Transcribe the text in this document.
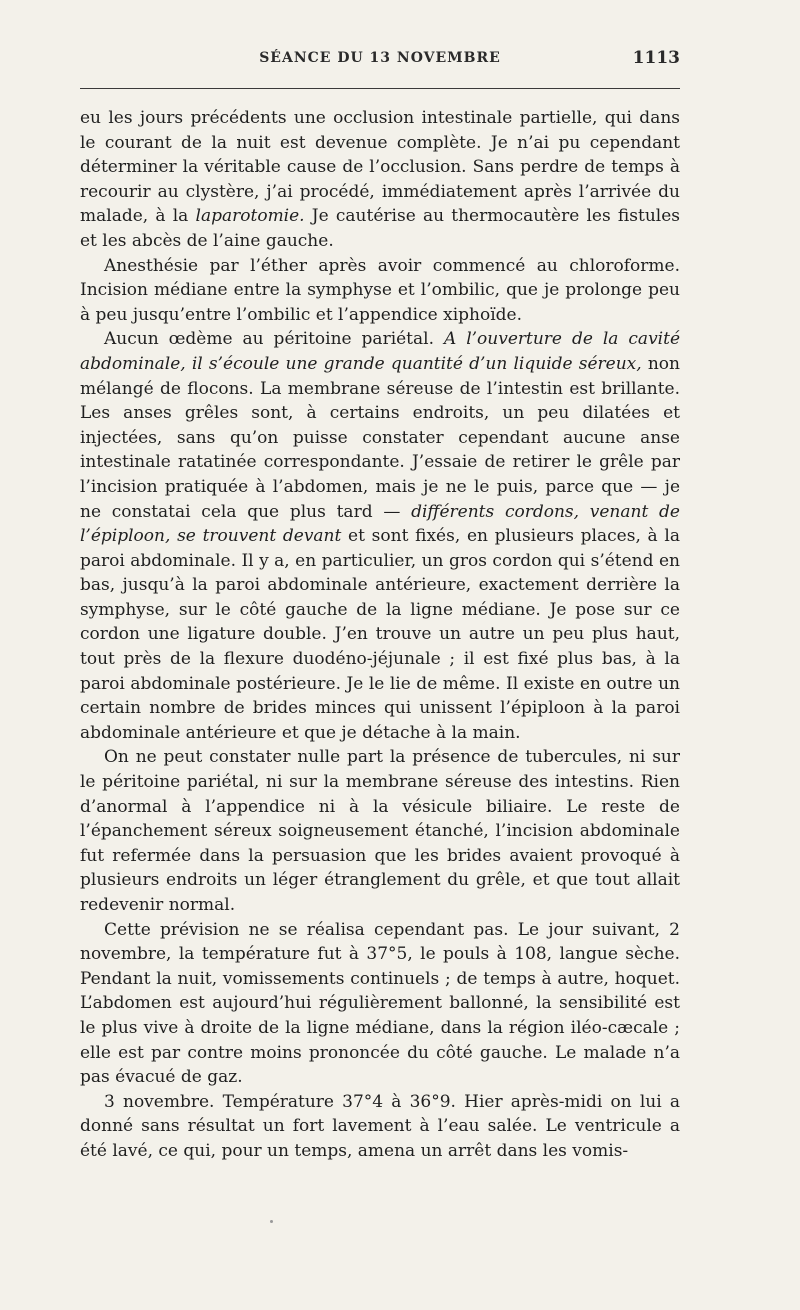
SÉANCE DU 13 NOVEMBRE	1113

eu les jours précédents une occlusion intestinale partielle, qui dans le courant de la nuit est devenue complète. Je n’ai pu cependant déterminer la véritable cause de l’occlusion. Sans perdre de temps à recourir au clystère, j’ai procédé, immédiatement après l’arrivée du malade, à la laparotomie. Je cautérise au thermocautère les fistules et les abcès de l’aine gauche.

Anesthésie par l’éther après avoir commencé au chloroforme. Incision médiane entre la symphyse et l’ombilic, que je prolonge peu à peu jusqu’entre l’ombilic et l’appendice xiphoïde.

Aucun œdème au péritoine pariétal. A l’ouverture de la cavité abdominale, il s’écoule une grande quantité d’un liquide séreux, non mélangé de flocons. La membrane séreuse de l’intestin est brillante. Les anses grêles sont, à certains endroits, un peu dilatées et injectées, sans qu’on puisse constater cependant aucune anse intestinale ratatinée correspondante. J’essaie de retirer le grêle par l’incision pratiquée à l’abdomen, mais je ne le puis, parce que — je ne constatai cela que plus tard — différents cordons, venant de l’épiploon, se trouvent devant et sont fixés, en plusieurs places, à la paroi abdominale. Il y a, en particulier, un gros cordon qui s’étend en bas, jusqu’à la paroi abdominale antérieure, exactement derrière la symphyse, sur le côté gauche de la ligne médiane. Je pose sur ce cordon une ligature double. J’en trouve un autre un peu plus haut, tout près de la flexure duodéno-jéjunale ; il est fixé plus bas, à la paroi abdominale postérieure. Je le lie de même. Il existe en outre un certain nombre de brides minces qui unissent l’épiploon à la paroi abdominale antérieure et que je détache à la main.

On ne peut constater nulle part la présence de tubercules, ni sur le péritoine pariétal, ni sur la membrane séreuse des intestins. Rien d’anormal à l’appendice ni à la vésicule biliaire. Le reste de l’épanchement séreux soigneusement étanché, l’incision abdominale fut refermée dans la persuasion que les brides avaient provoqué à plusieurs endroits un léger étranglement du grêle, et que tout allait redevenir normal.

Cette prévision ne se réalisa cependant pas. Le jour suivant, 2 novembre, la température fut à 37°5, le pouls à 108, langue sèche. Pendant la nuit, vomissements continuels ; de temps à autre, hoquet. L’abdomen est aujourd’hui régulièrement ballonné, la sensibilité est le plus vive à droite de la ligne médiane, dans la région iléo-cæcale ; elle est par contre moins prononcée du côté gauche. Le malade n’a pas évacué de gaz.

3 novembre. Température 37°4 à 36°9. Hier après-midi on lui a donné sans résultat un fort lavement à l’eau salée. Le ventricule a été lavé, ce qui, pour un temps, amena un arrêt dans les vomis-
